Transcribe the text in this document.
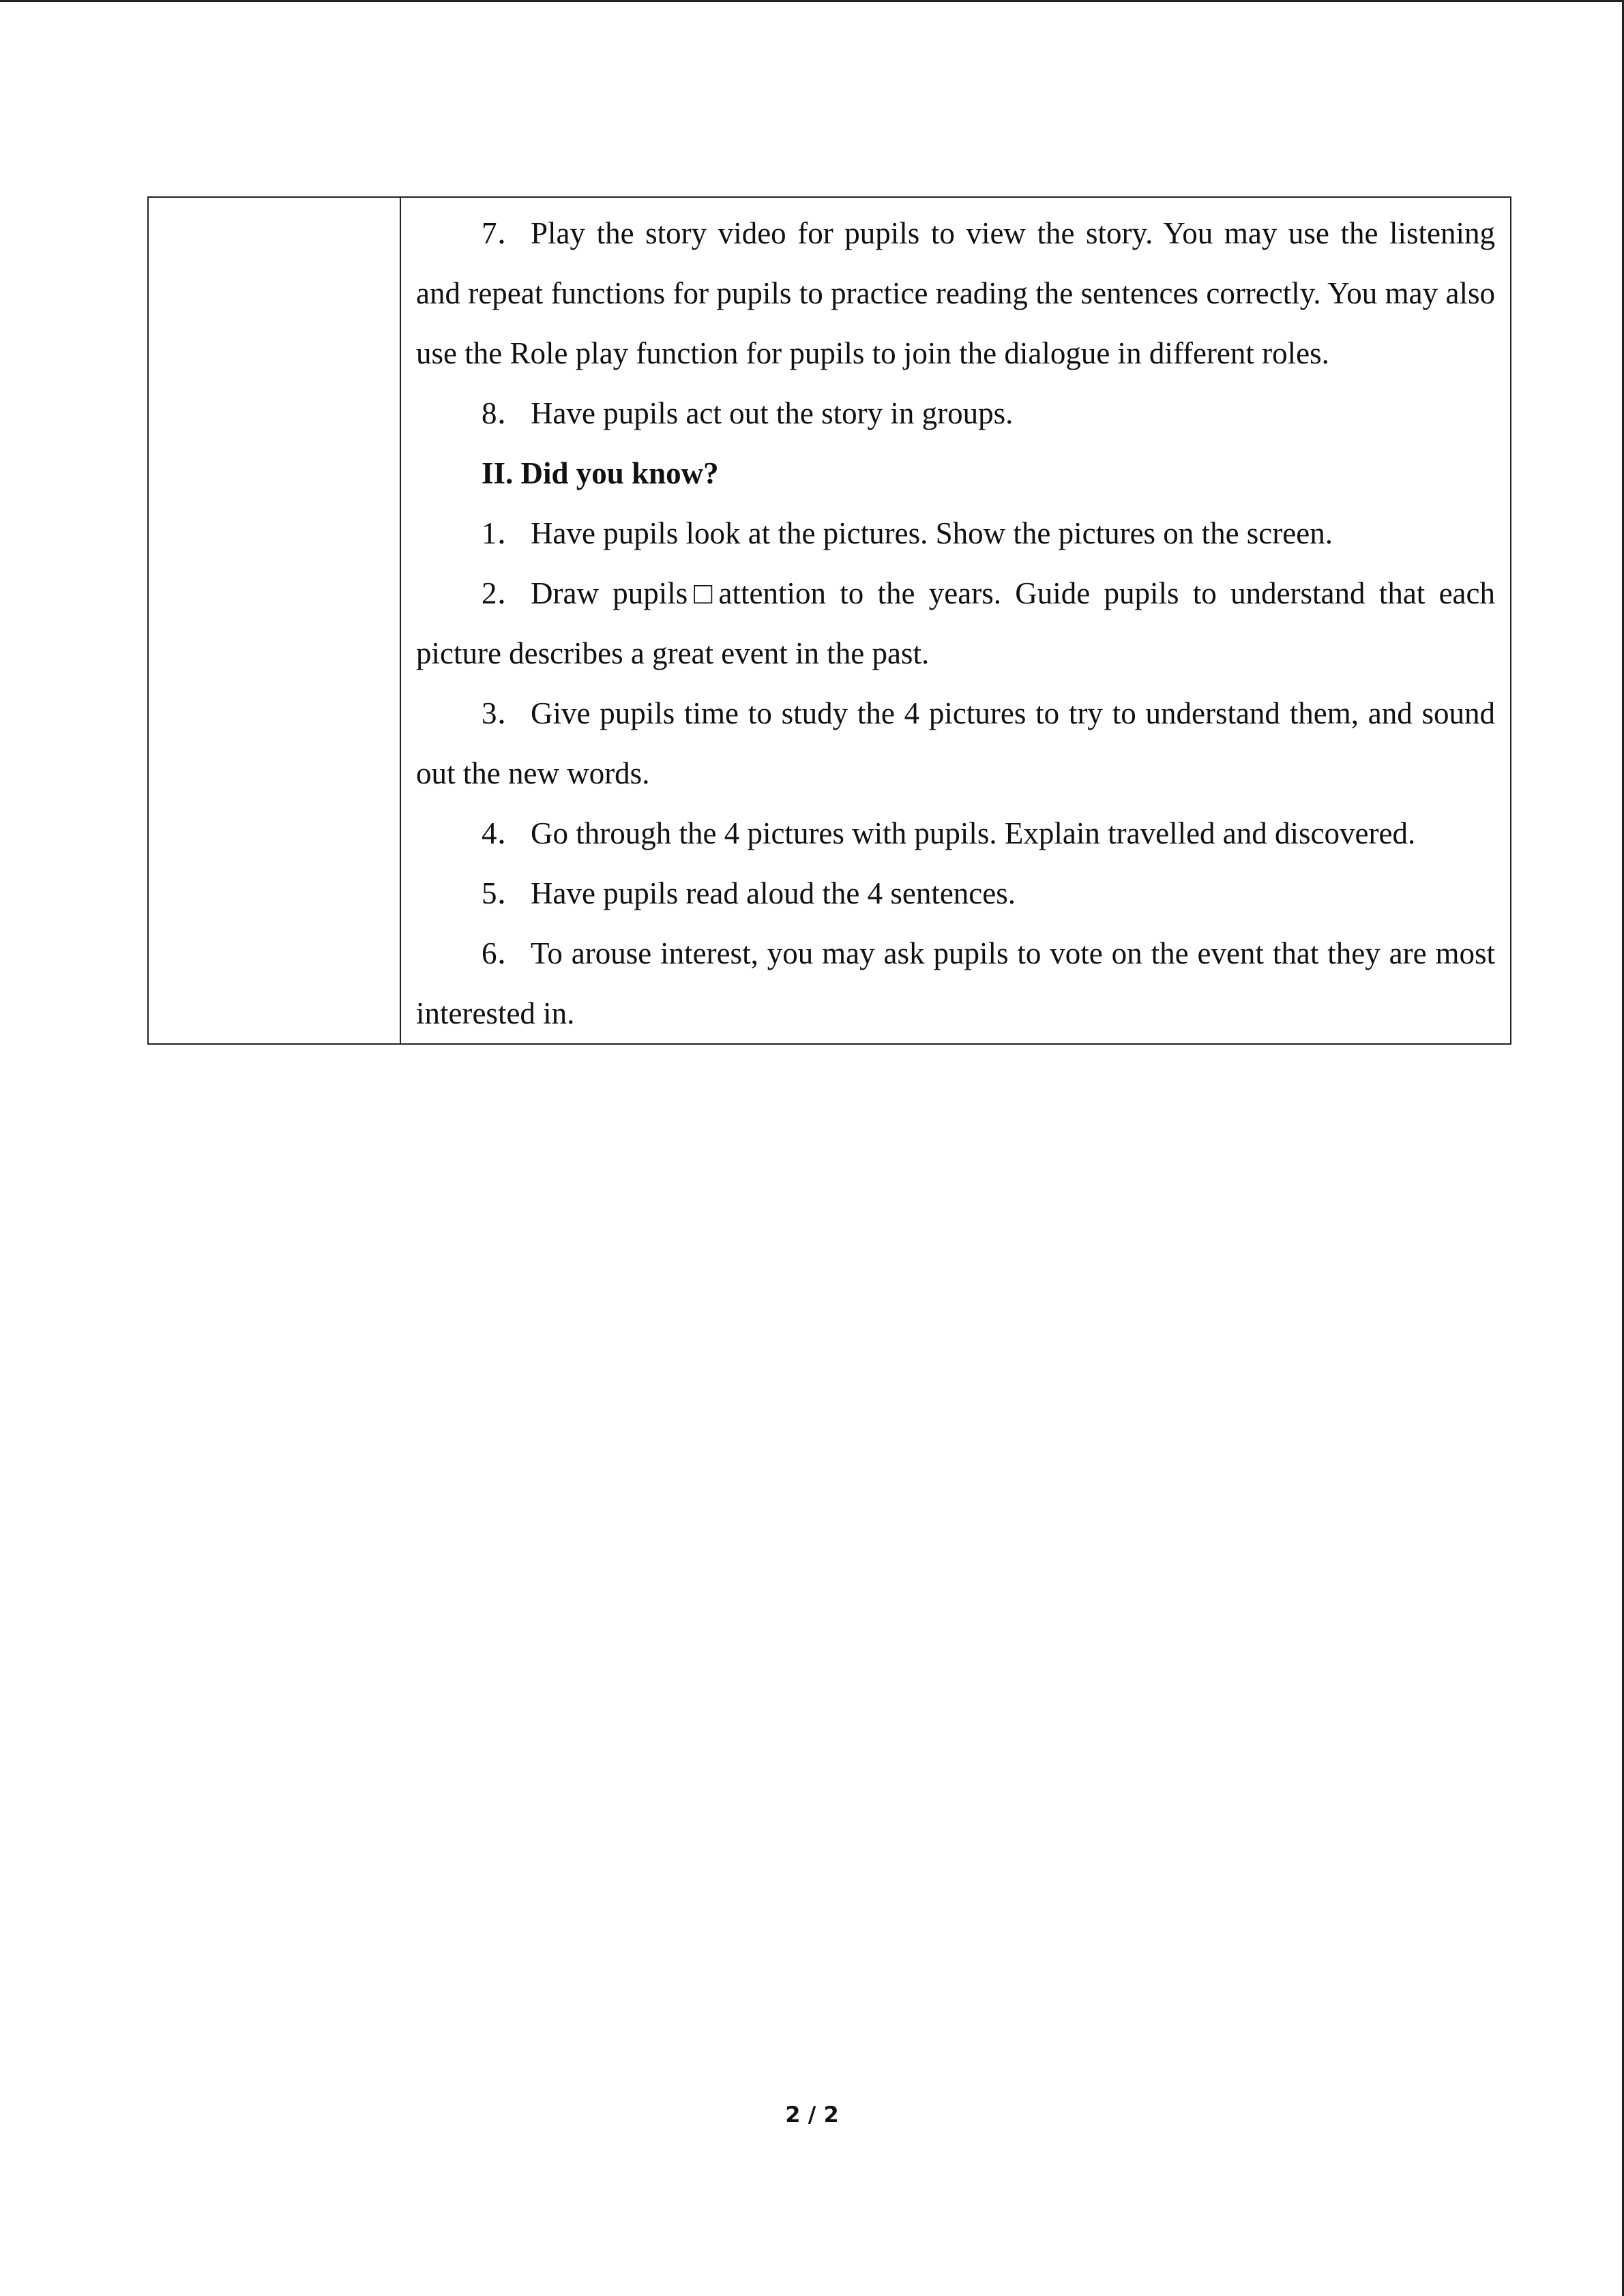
7．Play the story video for pupils to view the story. You may use the listening and repeat functions for pupils to practice reading the sentences correctly. You may also use the Role play function for pupils to join the dialogue in different roles.

8．Have pupils act out the story in groups.

II. Did you know?

1．Have pupils look at the pictures. Show the pictures on the screen.

2．Draw pupils□attention to the years. Guide pupils to understand that each picture describes a great event in the past.

3．Give pupils time to study the 4 pictures to try to understand them, and sound out the new words.

4．Go through the 4 pictures with pupils. Explain travelled and discovered.

5．Have pupils read aloud the 4 sentences.

6．To arouse interest, you may ask pupils to vote on the event that they are most interested in.

2 / 2
